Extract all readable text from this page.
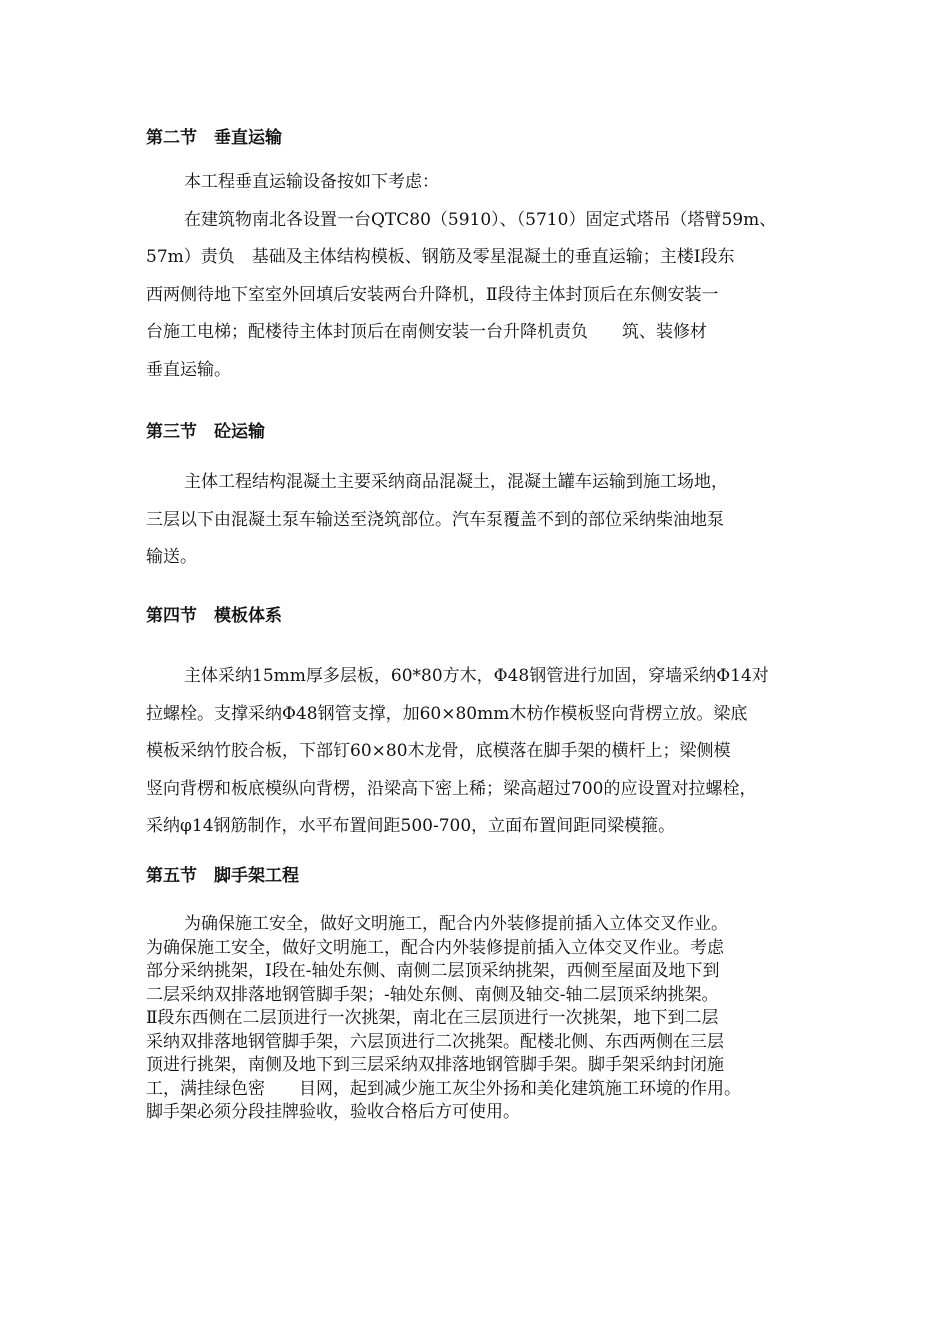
第二节　垂直运输
本工程垂直运输设备按如下考虑：
在建筑物南北各设置一台QTC80（5910）、（5710）固定式塔吊（塔臂59m、
57m）责负　基础及主体结构模板、钢筋及零星混凝土的垂直运输；主楼Ⅰ段东
西两侧待地下室室外回填后安装两台升降机，Ⅱ段待主体封顶后在东侧安装一
台施工电梯；配楼待主体封顶后在南侧安装一台升降机责负　　筑、装修材
垂直运输。
第三节　砼运输
主体工程结构混凝土主要采纳商品混凝土，混凝土罐车运输到施工场地，
三层以下由混凝土泵车输送至浇筑部位。汽车泵覆盖不到的部位采纳柴油地泵
输送。
第四节　模板体系
主体采纳15mm厚多层板，60*80方木，Φ48钢管进行加固，穿墙采纳Φ14对
拉螺栓。支撑采纳Φ48钢管支撑，加60×80mm木枋作模板竖向背楞立放。梁底
模板采纳竹胶合板，下部钉60×80木龙骨，底模落在脚手架的横杆上；梁侧模
竖向背楞和板底模纵向背楞，沿梁高下密上稀；梁高超过700的应设置对拉螺栓，
采纳φ14钢筋制作，水平布置间距500-700，立面布置间距同梁模箍。
第五节　脚手架工程
为确保施工安全，做好文明施工，配合内外装修提前插入立体交叉作业。
为确保施工安全，做好文明施工，配合内外装修提前插入立体交叉作业。考虑
部分采纳挑架，Ⅰ段在-轴处东侧、南侧二层顶采纳挑架，西侧至屋面及地下到
二层采纳双排落地钢管脚手架；-轴处东侧、南侧及轴交-轴二层顶采纳挑架。
Ⅱ段东西侧在二层顶进行一次挑架，南北在三层顶进行一次挑架，地下到二层
采纳双排落地钢管脚手架，六层顶进行二次挑架。配楼北侧、东西两侧在三层
顶进行挑架，南侧及地下到三层采纳双排落地钢管脚手架。脚手架采纳封闭施
工，满挂绿色密　　目网，起到减少施工灰尘外扬和美化建筑施工环境的作用。
脚手架必须分段挂牌验收，验收合格后方可使用。
